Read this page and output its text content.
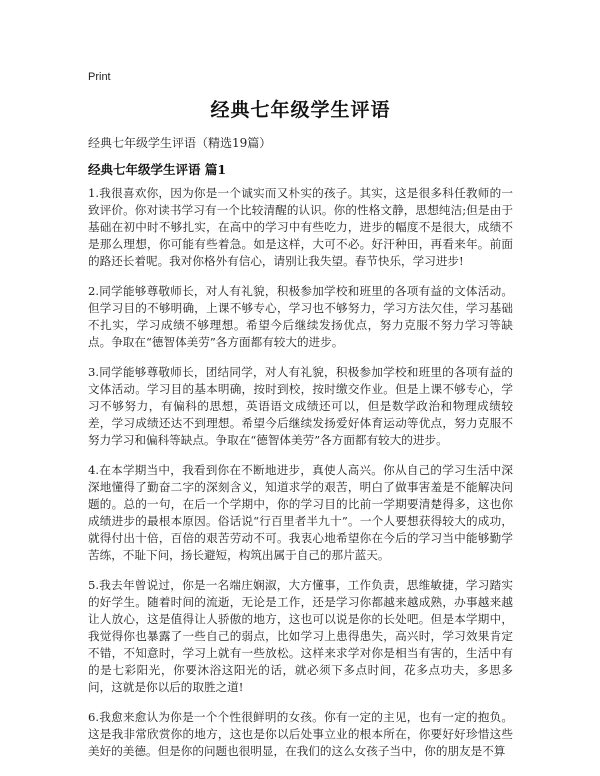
Print
经典七年级学生评语

经典七年级学生评语（精选19篇）

经典七年级学生评语 篇1

1.我很喜欢你，因为你是一个诚实而又朴实的孩子。其实，这是很多科任教师的一致评价。你对读书学习有一个比较清醒的认识。你的性格文静，思想纯洁;但是由于基础在初中时不够扎实，在高中的学习中有些吃力，进步的幅度不是很大，成绩不是那么理想，你可能有些着急。如是这样，大可不必。好汗种田，再看来年。前面的路还长着呢。我对你格外有信心，请别让我失望。春节快乐，学习进步!

2.同学能够尊敬师长，对人有礼貌，积极参加学校和班里的各项有益的文体活动。但学习目的不够明确，上课不够专心，学习也不够努力，学习方法欠佳，学习基础不扎实，学习成绩不够理想。希望今后继续发扬优点，努力克服不努力学习等缺点。争取在“德智体美劳”各方面都有较大的进步。

3.同学能够尊敬师长，团结同学，对人有礼貌，积极参加学校和班里的各项有益的文体活动。学习目的基本明确，按时到校，按时缴交作业。但是上课不够专心，学习不够努力，有偏科的思想，英语语文成绩还可以，但是数学政治和物理成绩较差，学习成绩还达不到理想。希望今后继续发扬爱好体育运动等优点，努力克服不努力学习和偏科等缺点。争取在“德智体美劳”各方面都有较大的进步。

4.在本学期当中，我看到你在不断地进步，真使人高兴。你从自己的学习生活中深深地懂得了勤奋二字的深刻含义，知道求学的艰苦，明白了做事害羞是不能解决问题的。总的一句，在后一个学期中，你的学习目的比前一学期要清楚得多，这也你成绩进步的最根本原因。俗话说“行百里者半九十”。一个人要想获得较大的成功，就得付出十倍，百倍的艰苦劳动不可。我衷心地希望你在今后的学习当中能够勤学苦练，不耻下问，扬长避短，构筑出属于自己的那片蓝天。

5.我去年曾说过，你是一名端庄娴淑，大方懂事，工作负责，思维敏捷，学习踏实的好学生。随着时间的流逝，无论是工作，还是学习你都越来越成熟，办事越来越让人放心，这是值得让人骄傲的地方，这也可以说是你的长处吧。但是本学期中，我觉得你也暴露了一些自己的弱点，比如学习上患得患失，高兴时，学习效果肯定不错，不知意时，学习上就有一些放松。这样来求学对你是相当有害的，生活中有的是七彩阳光，你要沐浴这阳光的话，就必须下多点时间，花多点功夫，多思多问，这就是你以后的取胜之道!

6.我愈来愈认为你是一个个性很鲜明的女孩。你有一定的主见，也有一定的抱负。这是我非常欣赏你的地方，这也是你以后处事立业的根本所在，你要好好珍惜这些美好的美德。但是你的问题也很明显，在我们的这么女孩子当中，你的朋友是不算
